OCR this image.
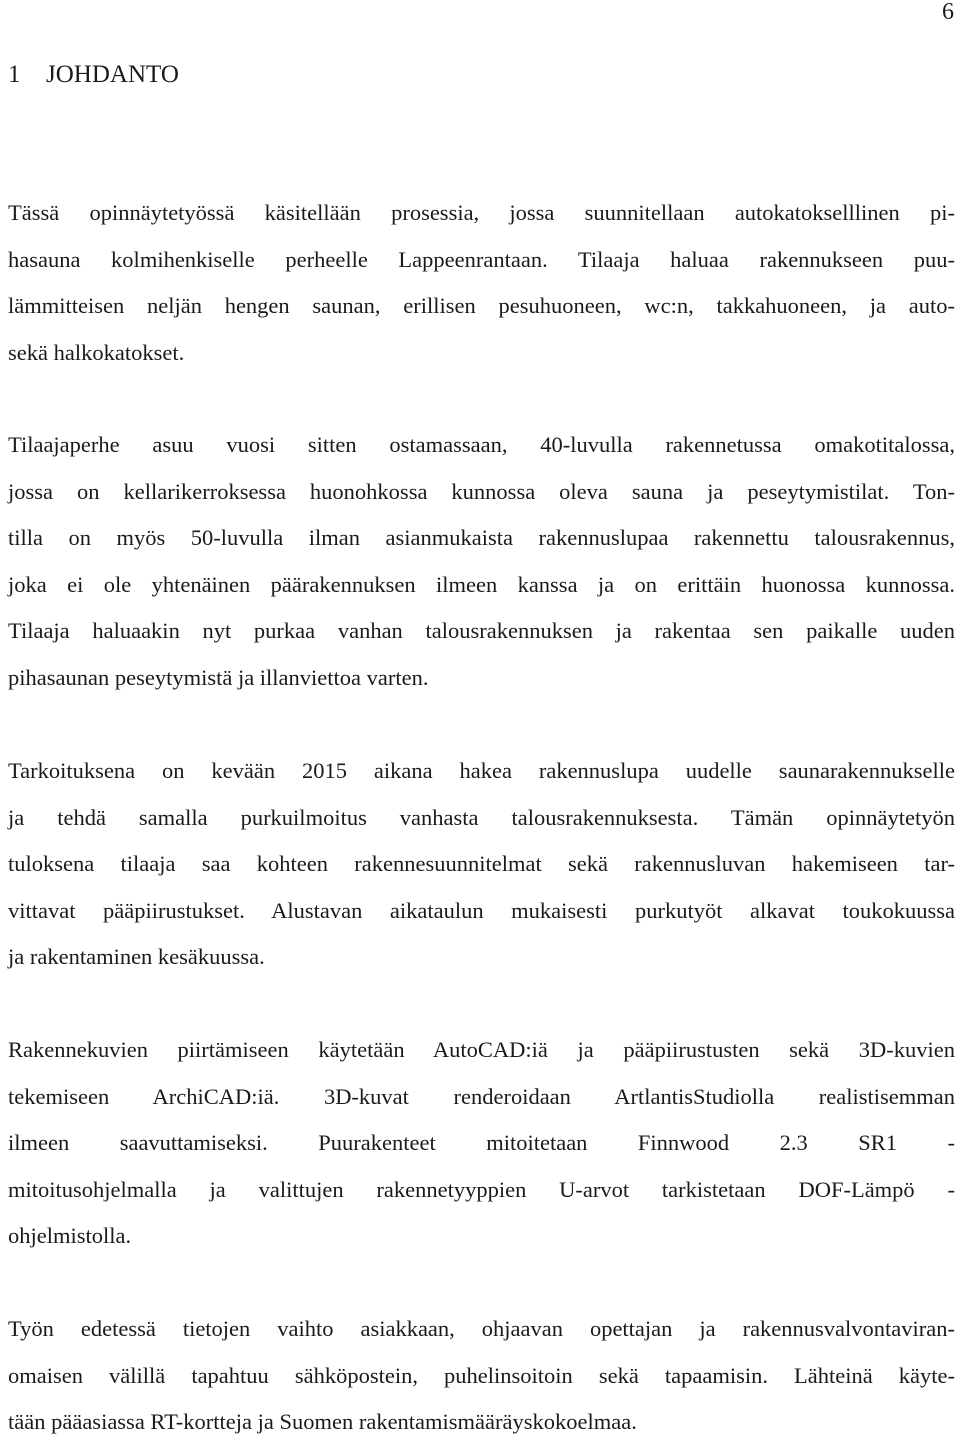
6
1 JOHDANTO
Tässä opinnäytetyössä käsitellään prosessia, jossa suunnitellaan autokatokselllinen pi-
hasauna kolmihenkiselle perheelle Lappeenrantaan. Tilaaja haluaa rakennukseen puu-
lämmitteisen neljän hengen saunan, erillisen pesuhuoneen, wc:n, takkahuoneen, ja auto-
sekä halkokatokset.
Tilaajaperhe asuu vuosi sitten ostamassaan, 40-luvulla rakennetussa omakotitalossa,
jossa on kellarikerroksessa huonohkossa kunnossa oleva sauna ja peseytymistilat. Ton-
tilla on myös 50-luvulla ilman asianmukaista rakennuslupaa rakennettu talousrakennus,
joka ei ole yhtenäinen päärakennuksen ilmeen kanssa ja on erittäin huonossa kunnossa.
Tilaaja haluaakin nyt purkaa vanhan talousrakennuksen ja rakentaa sen paikalle uuden
pihasaunan peseytymistä ja illanviettoa varten.
Tarkoituksena on kevään 2015 aikana hakea rakennuslupa uudelle saunarakennukselle
ja tehdä samalla purkuilmoitus vanhasta talousrakennuksesta. Tämän opinnäytetyön
tuloksena tilaaja saa kohteen rakennesuunnitelmat sekä rakennusluvan hakemiseen tar-
vittavat pääpiirustukset. Alustavan aikataulun mukaisesti purkutyöt alkavat toukokuussa
ja rakentaminen kesäkuussa.
Rakennekuvien piirtämiseen käytetään AutoCAD:iä ja pääpiirustusten sekä 3D-kuvien
tekemiseen ArchiCAD:iä. 3D-kuvat renderoidaan ArtlantisStudiolla realistisemman
ilmeen saavuttamiseksi. Puurakenteet mitoitetaan Finnwood 2.3 SR1 -
mitoitusohjelmalla ja valittujen rakennetyyppien U-arvot tarkistetaan DOF-Lämpö -
ohjelmistolla.
Työn edetessä tietojen vaihto asiakkaan, ohjaavan opettajan ja rakennusvalvontaviran-
omaisen välillä tapahtuu sähköpostein, puhelinsoitoin sekä tapaamisin. Lähteinä käyte-
tään pääasiassa RT-kortteja ja Suomen rakentamismääräyskokoelmaa.
